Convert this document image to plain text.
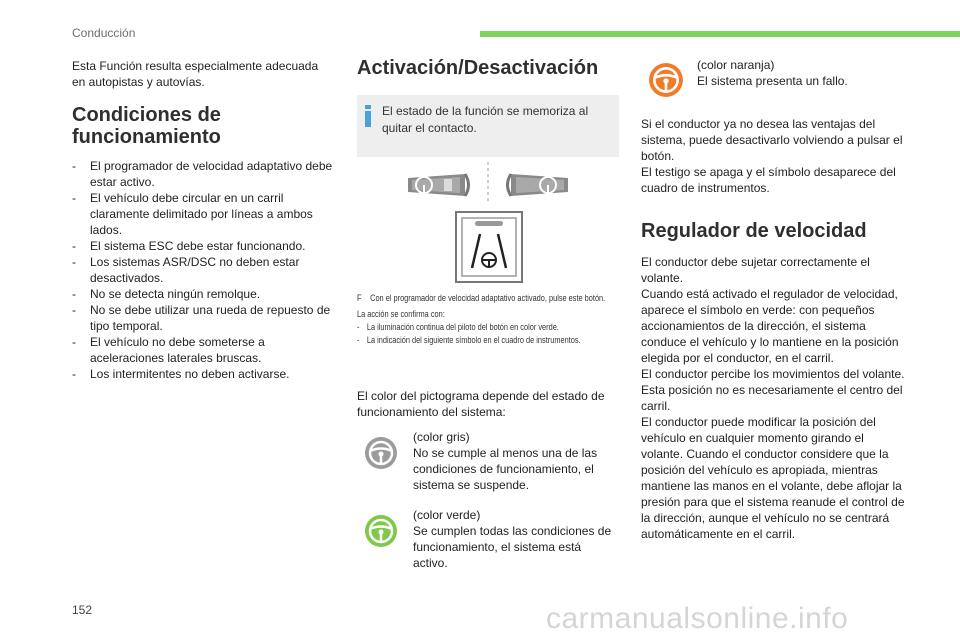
Conducción

Esta Función resulta especialmente adecuada en autopistas y autovías.

Condiciones de funcionamiento
- El programador de velocidad adaptativo debe estar activo.
- El vehículo debe circular en un carril claramente delimitado por líneas a ambos lados.
- El sistema ESC debe estar funcionando.
- Los sistemas ASR/DSC no deben estar desactivados.
- No se detecta ningún remolque.
- No se debe utilizar una rueda de repuesto de tipo temporal.
- El vehículo no debe someterse a aceleraciones laterales bruscas.
- Los intermitentes no deben activarse.
Activación/Desactivación
El estado de la función se memoriza al quitar el contacto.
F Con el programador de velocidad adaptativo activado, pulse este botón.
La acción se confirma con:
- La iluminación continua del piloto del botón en color verde.
- La indicación del siguiente símbolo en el cuadro de instrumentos.

El color del pictograma depende del estado de funcionamiento del sistema:

(color gris)
No se cumple al menos una de las condiciones de funcionamiento, el sistema se suspende.
(color verde)
Se cumplen todas las condiciones de funcionamiento, el sistema está activo.
(color naranja)
El sistema presenta un fallo.

Si el conductor ya no desea las ventajas del sistema, puede desactivarlo volviendo a pulsar el botón.

El testigo se apaga y el símbolo desaparece del cuadro de instrumentos.

Regulador de velocidad

El conductor debe sujetar correctamente el volante.

Cuando está activado el regulador de velocidad, aparece el símbolo en verde: con pequeños accionamientos de la dirección, el sistema conduce el vehículo y lo mantiene en la posición elegida por el conductor, en el carril.

El conductor percibe los movimientos del volante.

Esta posición no es necesariamente el centro del carril.

El conductor puede modificar la posición del vehículo en cualquier momento girando el volante. Cuando el conductor considere que la posición del vehículo es apropiada, mientras mantiene las manos en el volante, debe aflojar la presión para que el sistema reanude el control de la dirección, aunque el vehículo no se centrará automáticamente en el carril.

152	carmanualsonline.info
